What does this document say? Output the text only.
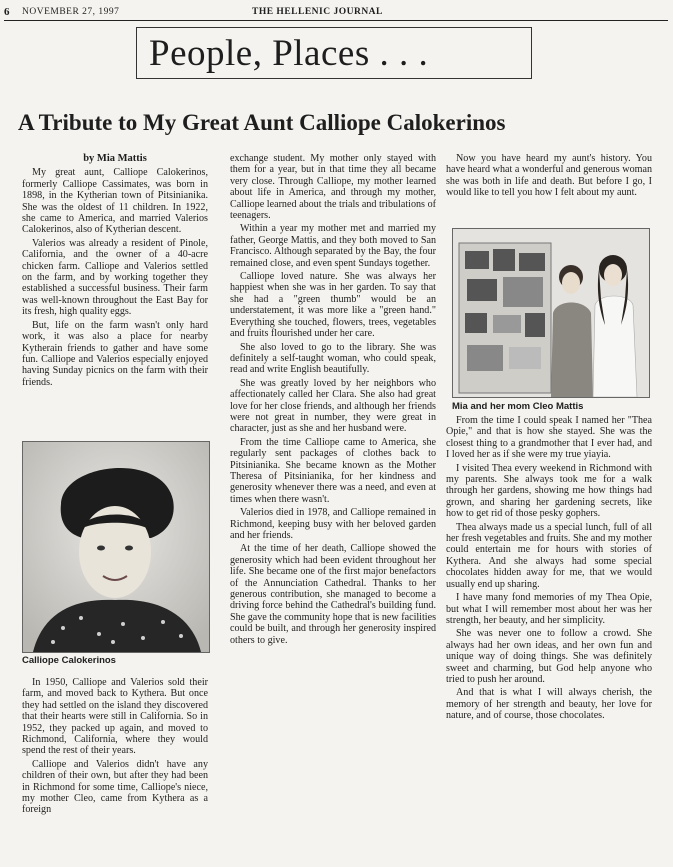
6 NOVEMBER 27, 1997	THE HELLENIC JOURNAL
People, Places . . .
A Tribute to My Great Aunt Calliope Calokerinos
by Mia Mattis

My great aunt, Calliope Calokerinos, formerly Calliope Cassimates, was born in 1898, in the Kytherian town of Pitsinianika. She was the oldest of 11 children. In 1922, she came to America, and married Valerios Calokerinos, also of Kytherian descent.

Valerios was already a resident of Pinole, California, and the owner of a 40-acre chicken farm. Calliope and Valerios settled on the farm, and by working together they established a successful business. Their farm was well-known throughout the East Bay for its fresh, high quality eggs.

But, life on the farm wasn't only hard work, it was also a place for nearby Kytherain friends to gather and have some fun. Calliope and Valerios especially enjoyed having Sunday picnics on the farm with their friends.

Calliope Calokerinos

In 1950, Calliope and Valerios sold their farm, and moved back to Kythera. But once they had settled on the island they discovered that their hearts were still in California. So in 1952, they packed up again, and moved to Richmond, California, where they would spend the rest of their years.

Calliope and Valerios didn't have any children of their own, but after they had been in Richmond for some time, Calliope's niece, my mother Cleo, came from Kythera as a foreign

exchange student. My mother only stayed with them for a year, but in that time they all became very close. Through Calliope, my mother learned about life in America, and through my mother, Calliope learned about the trials and tribulations of teenagers.

Within a year my mother met and married my father, George Mattis, and they both moved to San Francisco. Although separated by the Bay, the four remained close, and even spent Sundays together.

Calliope loved nature. She was always her happiest when she was in her garden. To say that she had a "green thumb" would be an understatement, it was more like a "green hand." Everything she touched, flowers, trees, vegetables and fruits flourished under her care.

She also loved to go to the library. She was definitely a self-taught woman, who could speak, read and write English beautifully.

She was greatly loved by her neighbors who affectionately called her Clara. She also had great love for her close friends, and although her friends were not great in number, they were great in character, just as she and her husband were.

From the time Calliope came to America, she regularly sent packages of clothes back to Pitsinianika. She became known as the Mother Theresa of Pitsinianika, for her kindness and generosity whenever there was a need, and even at times when there wasn't.

Valerios died in 1978, and Calliope remained in Richmond, keeping busy with her beloved garden and her friends.

At the time of her death, Calliope showed the generosity which had been evident throughout her life. She became one of the first major benefactors of the Annunciation Cathedral. Thanks to her generous contribution, she managed to become a driving force behind the Cathedral's building fund. She gave the community hope that is new facilities could be built, and through her generosity inspired others to give.

Now you have heard my aunt's history. You have heard what a wonderful and generous woman she was both in life and death. But before I go, I would like to tell you how I felt about my aunt.

Mia and her mom Cleo Mattis

From the time I could speak I named her "Thea Opie," and that is how she stayed. She was the closest thing to a grandmother that I ever had, and I loved her as if she were my true yiayia.

I visited Thea every weekend in Richmond with my parents. She always took me for a walk through her gardens, showing me how things had grown, and sharing her gardening secrets, like how to get rid of those pesky gophers.

Thea always made us a special lunch, full of all her fresh vegetables and fruits. She and my mother could entertain me for hours with stories of Kythera. And she always had some special chocolates hidden away for me, that we would usually end up sharing.

I have many fond memories of my Thea Opie, but what I will remember most about her was her strength, her beauty, and her simplicity.

She was never one to follow a crowd. She always had her own ideas, and her own fun and unique way of doing things. She was definitely sweet and charming, but God help anyone who tried to push her around.

And that is what I will always cherish, the memory of her strength and beauty, her love for nature, and of course, those chocolates.
